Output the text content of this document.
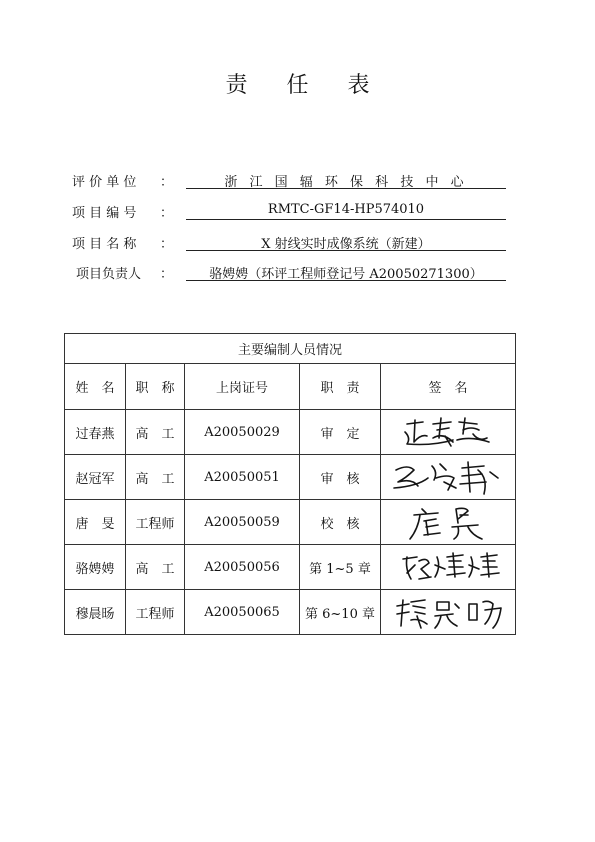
责 任 表
评 价 单 位	：	浙 江 国 辐 环 保 科 技 中 心
项 目 编 号	：	RMTC-GF14-HP574010
项 目 名 称	：	X 射线实时成像系统（新建）
项目负责人	：	骆娉娉（环评工程师登记号 A20050271300）
主要编制人员情况				
姓　名	职　称	上岗证号	职　责	签　名
过春燕	高　工	A20050029	审　定	

赵冠军	高　工	A20050051	审　核	

唐　旻	工程师	A20050059	校　核	

骆娉娉	高　工	A20050056	第 1~5 章	

穆晨旸	工程师	A20050065	第 6~10 章	
